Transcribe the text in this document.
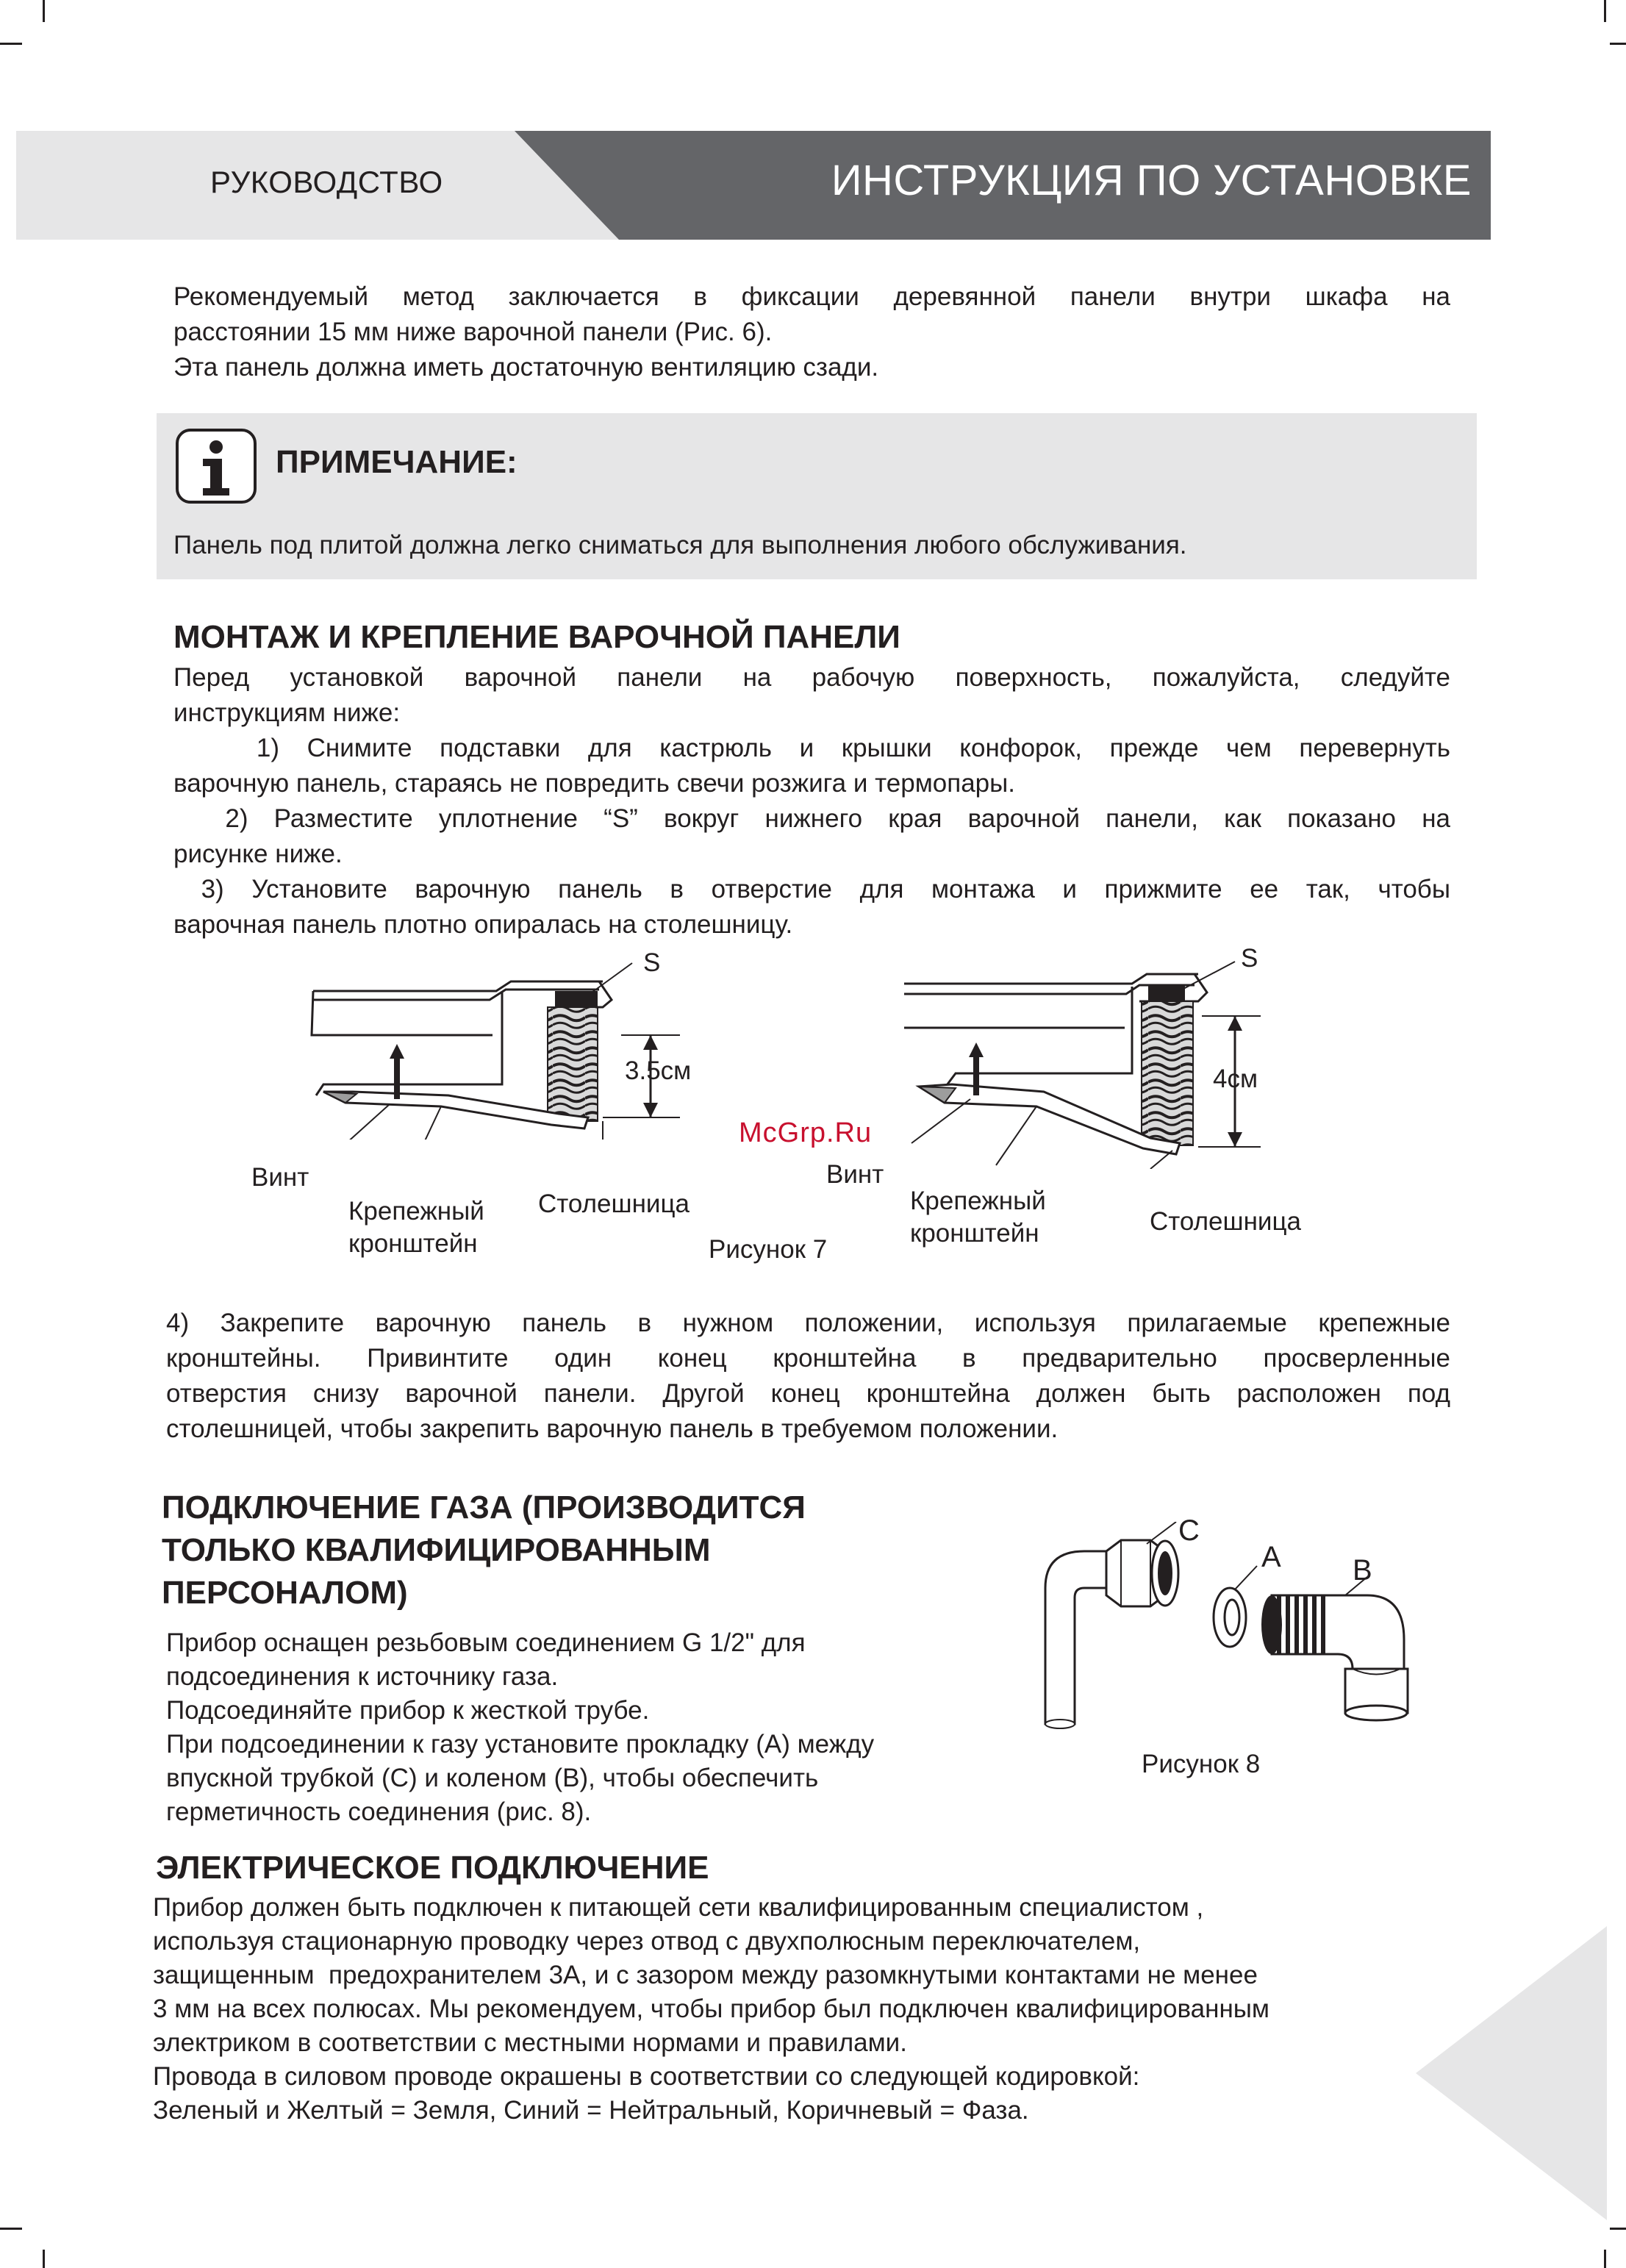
РУКОВОДСТВО	ИНСТРУКЦИЯ ПО УСТАНОВКЕ

Рекомендуемый метод заключается в фиксации деревянной панели внутри шкафа на

расстоянии 15 мм ниже варочной панели (Рис. 6).

Эта панель должна иметь достаточную вентиляцию сзади.

ПРИМЕЧАНИЕ:
Панель под плитой должна легко сниматься для выполнения любого обслуживания.
МОНТАЖ И КРЕПЛЕНИЕ ВАРОЧНОЙ ПАНЕЛИ

Перед установкой варочной панели на рабочую поверхность, пожалуйста, следуйте

инструкциям ниже:

1) Снимите подставки для кастрюль и крышки конфорок, прежде чем перевернуть

варочную панель, стараясь не повредить свечи розжига и термопары.

2) Разместите уплотнение “S” вокруг нижнего края варочной панели, как показано на

рисунке ниже.

3) Установите варочную панель в отверстие для монтажа и прижмите ее так, чтобы

варочная панель плотно опиралась на столешницу.

S
3.5см
Винт
Крепежный
кронштейн
Столешница
Рисунок 7
McGrp.Ru
S
4см
Винт
Крепежный
кронштейн	Столешница

4) Закрепите варочную панель в нужном положении, используя прилагаемые крепежные

кронштейны. Привинтите один конец кронштейна в предварительно просверленные

отверстия снизу варочной панели. Другой конец кронштейна должен быть расположен под

столешницей, чтобы закрепить варочную панель в требуемом положении.

ПОДКЛЮЧЕНИЕ ГАЗА (ПРОИЗВОДИТСЯ
ТОЛЬКО КВАЛИФИЦИРОВАННЫМ
ПЕРСОНАЛОМ)

Прибор оснащен резьбовым соединением G 1/2" для

подсоединения к источнику газа.

Подсоединяйте прибор к жесткой трубе.

При подсоединении к газу установите прокладку (A) между

впускной трубкой (C) и коленом (B), чтобы обеспечить

герметичность соединения (рис. 8).

C
A B
Рисунок 8
ЭЛЕКТРИЧЕСКОЕ ПОДКЛЮЧЕНИЕ

Прибор должен быть подключен к питающей сети квалифицированным специалистом ,

используя стационарную проводку через отвод с двухполюсным переключателем,

защищенным  предохранителем 3А, и с зазором между разомкнутыми контактами не менее

3 мм на всех полюсах. Мы рекомендуем, чтобы прибор был подключен квалифицированным

электриком в соответствии с местными нормами и правилами.

Провода в силовом проводе окрашены в соответствии со следующей кодировкой:

Зеленый и Желтый = Земля, Синий = Нейтральный, Коричневый = Фаза.
